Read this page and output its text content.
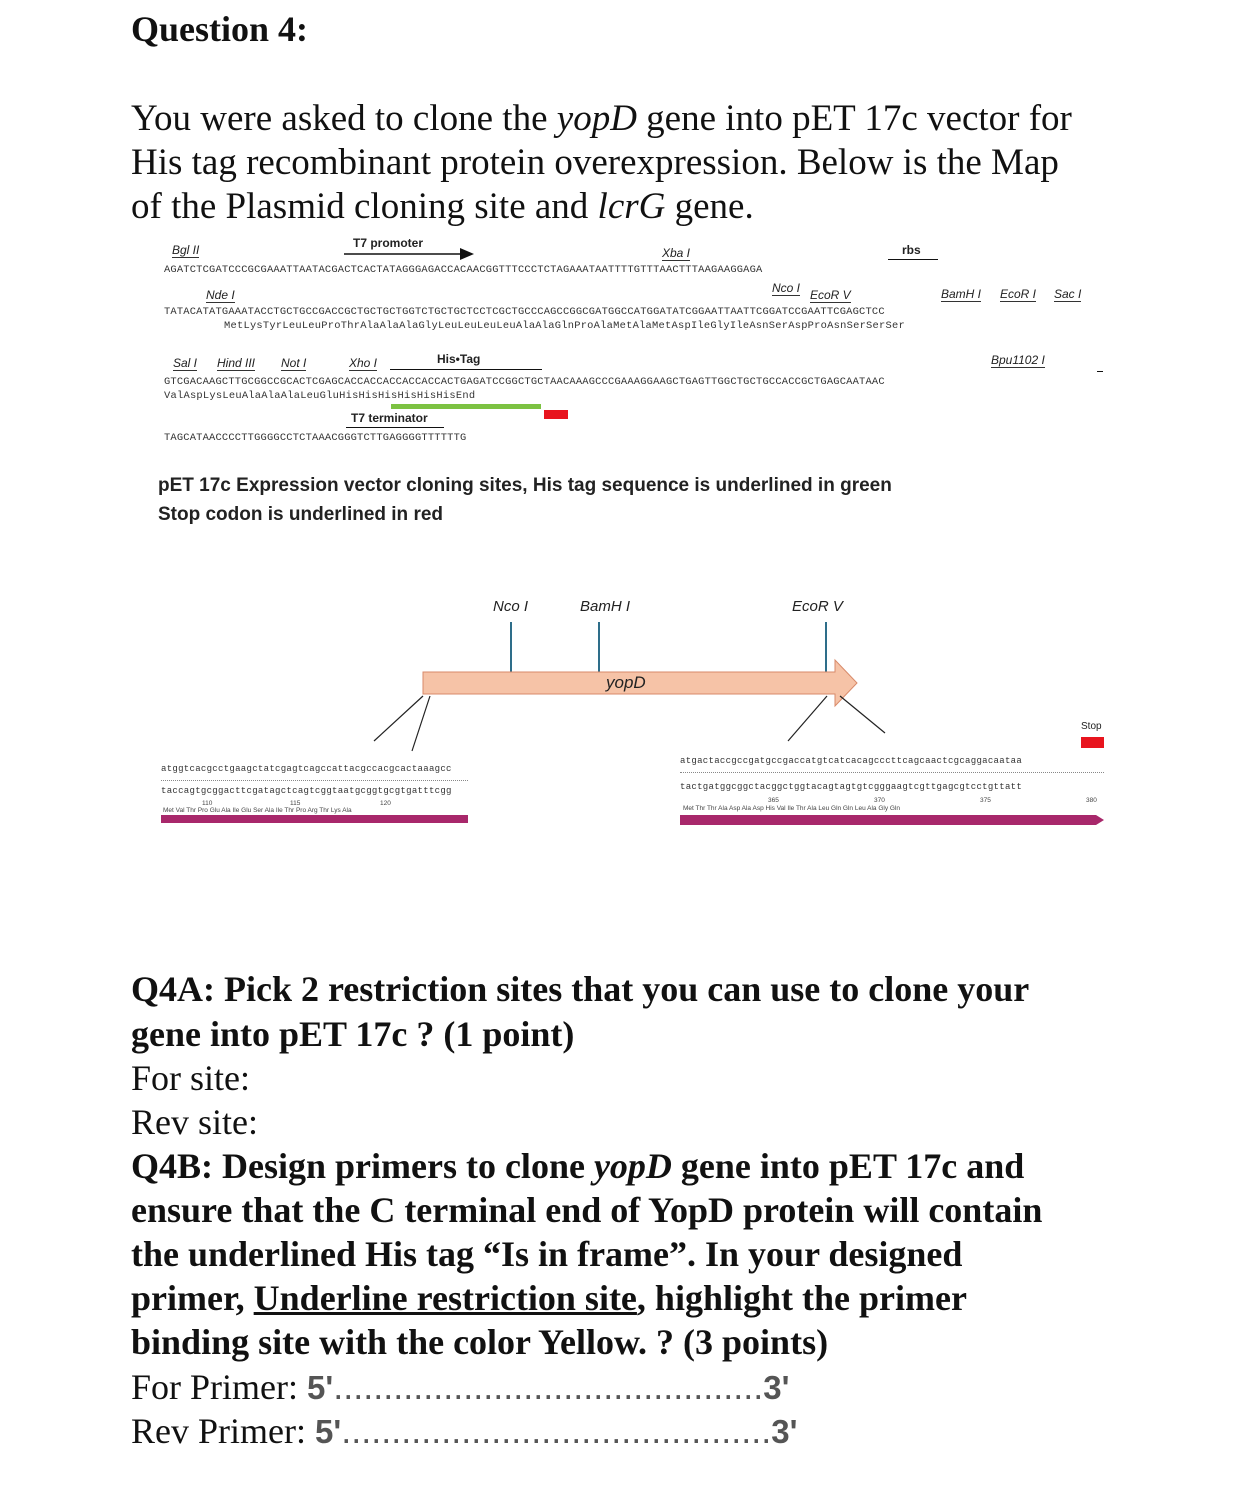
Question 4:
You were asked to clone the yopD gene into pET 17c vector for
His tag recombinant protein overexpression. Below is the Map
of the Plasmid cloning site and lcrG gene.
Bgl II	T7 promoter
Xba I	rbs
AGATCTCGATCCCGCGAAATTAATACGACTCACTATAGGGAGACCACAACGGTTTCCCTCTAGAAATAATTTTGTTTAACTTTAAGAAGGAGA
Nde I	Nco I EcoR V	BamH I EcoR I Sac I
TATACATATGAAATACCTGCTGCCGACCGCTGCTGCTGGTCTGCTGCTCCTCGCTGCCCAGCCGGCGATGGCCATGGATATCGGAATTAATTCGGATCCGAATTCGAGCTCC
MetLysTyrLeuLeuProThrAlaAlaAlaGlyLeuLeuLeuLeuAlaAlaGlnProAlaMetAlaMetAspIleGlyIleAsnSerAspProAsnSerSerSer
Sal I Hind III Not I	Xho I	His•Tag	Bpu1102 I
GTCGACAAGCTTGCGGCCGCACTCGAGCACCACCACCACCACCACTGAGATCCGGCTGCTAACAAAGCCCGAAAGGAAGCTGAGTTGGCTGCTGCCACCGCTGAGCAATAAC
ValAspLysLeuAlaAlaAlaLeuGluHisHisHisHisHisHisEnd
T7 terminator
TAGCATAACCCCTTGGGGCCTCTAAACGGGTCTTGAGGGGTTTTTTG
pET 17c Expression vector cloning sites, His tag sequence is underlined in green
Stop codon is underlined in red
Nco I	BamH I	EcoR V
yopD
Stop
atggtcacgcctgaagctatcgagtcagccattacgccacgcactaaagcc
taccagtgcggacttcgatagctcagtcggtaatgcggtgcgtgatttcgg
110	115	120
Met Val Thr Pro Glu Ala Ile Glu Ser Ala Ile Thr Pro Arg Thr Lys Ala
atgactaccgccgatgccgaccatgtcatcacagcccttcagcaactcgcaggacaataa
tactgatggcggctacggctggtacagtagtgtcgggaagtcgttgagcgtcctgttatt
365	370	375	380
Met Thr Thr Ala Asp Ala Asp His Val Ile Thr Ala Leu Gln Gln Leu Ala Gly Gln
Q4A: Pick 2 restriction sites that you can use to clone your
gene into pET 17c ? (1 point)
For site:
Rev site:
Q4B: Design primers to clone yopD gene into pET 17c and
ensure that the C terminal end of YopD protein will contain
the underlined His tag “Is in frame”. In your designed
primer, Underline restriction site, highlight the primer
binding site with the color Yellow. ? (3 points)
For Primer: 5'...........................................3'
Rev Primer: 5'...........................................3'
